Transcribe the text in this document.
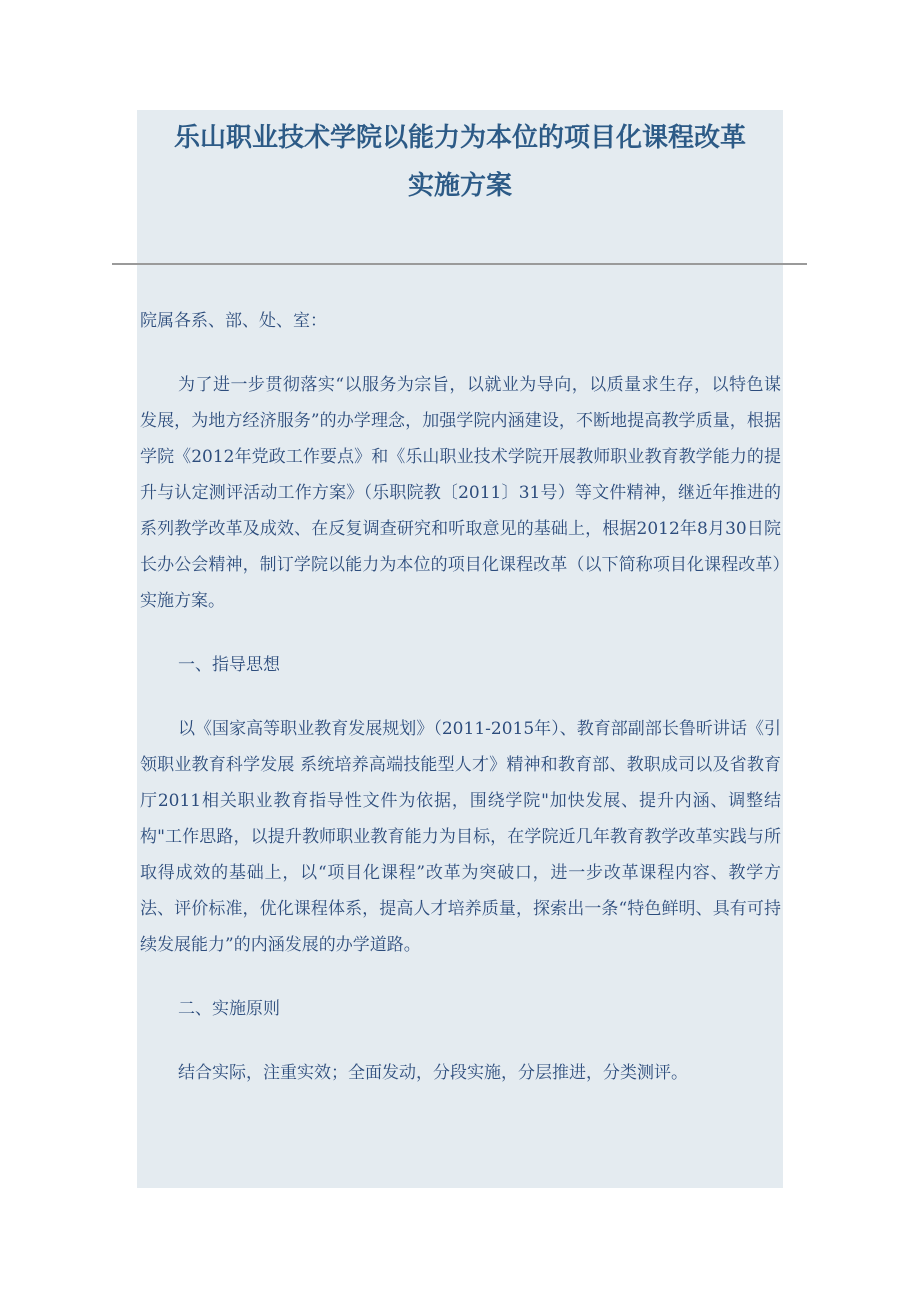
乐山职业技术学院以能力为本位的项目化课程改革
实施方案

院属各系、部、处、室：

为了进一步贯彻落实“以服务为宗旨，以就业为导向，以质量求生存，以特色谋发展，为地方经济服务”的办学理念，加强学院内涵建设，不断地提高教学质量，根据学院《2012年党政工作要点》和《乐山职业技术学院开展教师职业教育教学能力的提升与认定测评活动工作方案》（乐职院教〔2011〕31号）等文件精神，继近年推进的系列教学改革及成效、在反复调查研究和听取意见的基础上，根据2012年8月30日院长办公会精神，制订学院以能力为本位的项目化课程改革（以下简称项目化课程改革）实施方案。

一、指导思想

以《国家高等职业教育发展规划》（2011-2015年）、教育部副部长鲁昕讲话《引领职业教育科学发展 系统培养高端技能型人才》精神和教育部、教职成司以及省教育厅2011相关职业教育指导性文件为依据，围绕学院"加快发展、提升内涵、调整结构"工作思路，以提升教师职业教育能力为目标，在学院近几年教育教学改革实践与所取得成效的基础上，以“项目化课程”改革为突破口，进一步改革课程内容、教学方法、评价标准，优化课程体系，提高人才培养质量，探索出一条“特色鲜明、具有可持续发展能力”的内涵发展的办学道路。

二、实施原则

结合实际，注重实效；全面发动，分段实施，分层推进，分类测评。
